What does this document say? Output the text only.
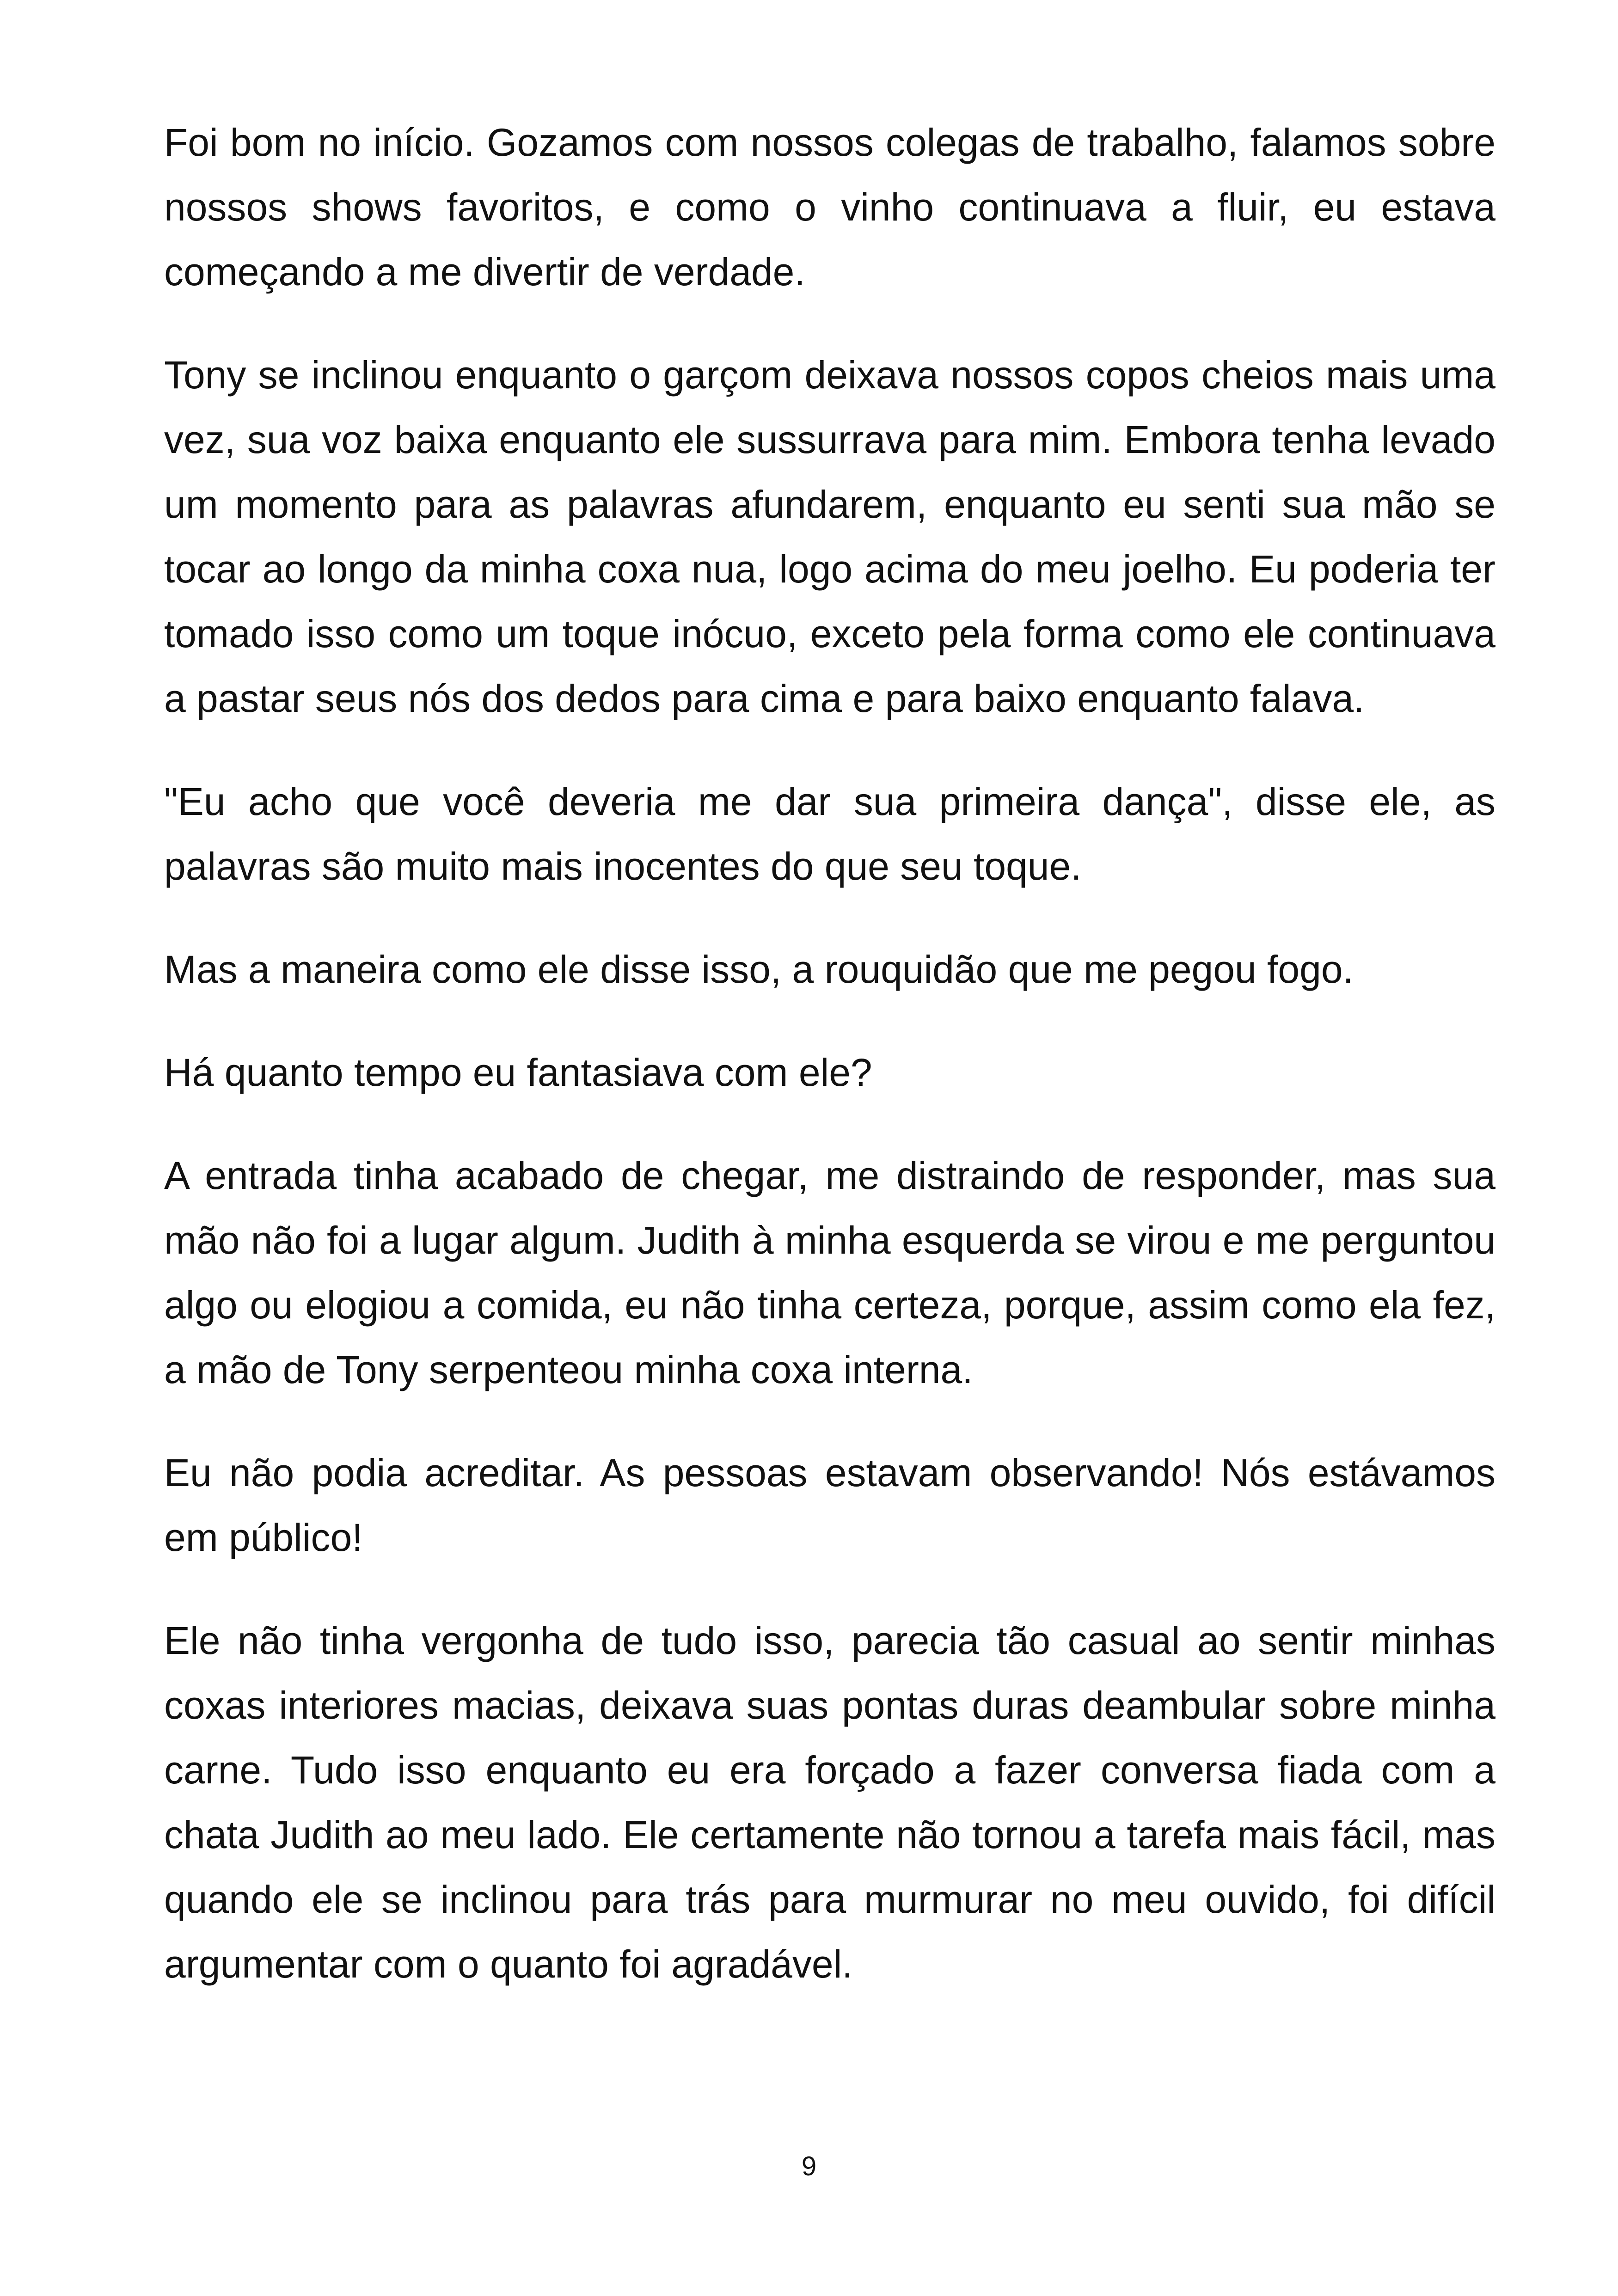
Foi bom no início. Gozamos com nossos colegas de trabalho, falamos sobre nossos shows favoritos, e como o vinho continuava a fluir, eu estava começando a me divertir de verdade.

Tony se inclinou enquanto o garçom deixava nossos copos cheios mais uma vez, sua voz baixa enquanto ele sussurrava para mim. Embora tenha levado um momento para as palavras afundarem, enquanto eu senti sua mão se tocar ao longo da minha coxa nua, logo acima do meu joelho. Eu poderia ter tomado isso como um toque inócuo, exceto pela forma como ele continuava a pastar seus nós dos dedos para cima e para baixo enquanto falava.

"Eu acho que você deveria me dar sua primeira dança", disse ele, as palavras são muito mais inocentes do que seu toque.

Mas a maneira como ele disse isso, a rouquidão que me pegou fogo.

Há quanto tempo eu fantasiava com ele?

A entrada tinha acabado de chegar, me distraindo de responder, mas sua mão não foi a lugar algum. Judith à minha esquerda se virou e me perguntou algo ou elogiou a comida, eu não tinha certeza, porque, assim como ela fez, a mão de Tony serpenteou minha coxa interna.

Eu não podia acreditar. As pessoas estavam observando! Nós estávamos em público!

Ele não tinha vergonha de tudo isso, parecia tão casual ao sentir minhas coxas interiores macias, deixava suas pontas duras deambular sobre minha carne. Tudo isso enquanto eu era forçado a fazer conversa fiada com a chata Judith ao meu lado. Ele certamente não tornou a tarefa mais fácil, mas quando ele se inclinou para trás para murmurar no meu ouvido, foi difícil argumentar com o quanto foi agradável.

9
